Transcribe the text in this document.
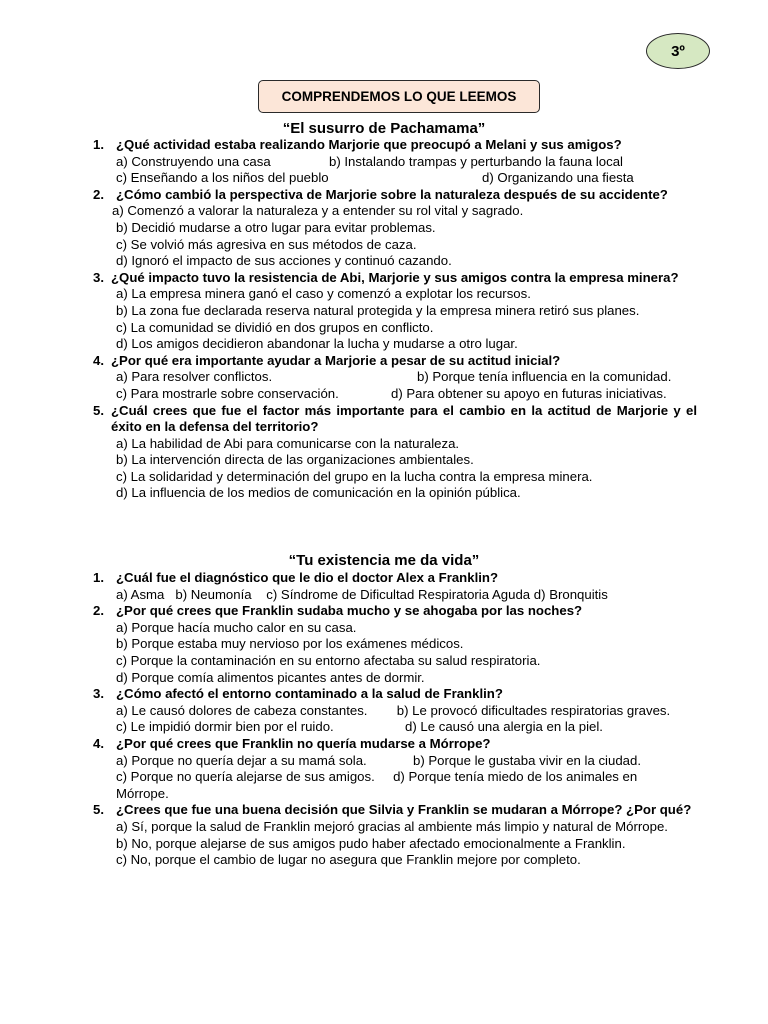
3º
COMPRENDEMOS LO QUE LEEMOS
“El susurro de Pachamama”
1. ¿Qué actividad estaba realizando Marjorie que preocupó a Melani y sus amigos?
a) Construyendo una casa	b) Instalando trampas y perturbando la fauna local
c) Enseñando a los niños del pueblo	d) Organizando una fiesta
2. ¿Cómo cambió la perspectiva de Marjorie sobre la naturaleza después de su accidente?
a) Comenzó a valorar la naturaleza y a entender su rol vital y sagrado.
b) Decidió mudarse a otro lugar para evitar problemas.
c) Se volvió más agresiva en sus métodos de caza.
d) Ignoró el impacto de sus acciones y continuó cazando.
3. ¿Qué impacto tuvo la resistencia de Abi, Marjorie y sus amigos contra la empresa minera?
a) La empresa minera ganó el caso y comenzó a explotar los recursos.
b) La zona fue declarada reserva natural protegida y la empresa minera retiró sus planes.
c) La comunidad se dividió en dos grupos en conflicto.
d) Los amigos decidieron abandonar la lucha y mudarse a otro lugar.
4. ¿Por qué era importante ayudar a Marjorie a pesar de su actitud inicial?
a) Para resolver conflictos.	b) Porque tenía influencia en la comunidad.
c) Para mostrarle sobre conservación.	d) Para obtener su apoyo en futuras iniciativas.
5. ¿Cuál crees que fue el factor más importante para el cambio en la actitud de Marjorie y el éxito en la defensa del territorio?
a) La habilidad de Abi para comunicarse con la naturaleza.
b) La intervención directa de las organizaciones ambientales.
c) La solidaridad y determinación del grupo en la lucha contra la empresa minera.
d) La influencia de los medios de comunicación en la opinión pública.
“Tu existencia me da vida”
1. ¿Cuál fue el diagnóstico que le dio el doctor Alex a Franklin?
a) Asma   b) Neumonía    c) Síndrome de Dificultad Respiratoria Aguda d) Bronquitis
2. ¿Por qué crees que Franklin sudaba mucho y se ahogaba por las noches?
a) Porque hacía mucho calor en su casa.
b) Porque estaba muy nervioso por los exámenes médicos.
c) Porque la contaminación en su entorno afectaba su salud respiratoria.
d) Porque comía alimentos picantes antes de dormir.
3. ¿Cómo afectó el entorno contaminado a la salud de Franklin?
a) Le causó dolores de cabeza constantes.        b) Le provocó dificultades respiratorias graves.
c) Le impidió dormir bien por el ruido.	d) Le causó una alergia en la piel.
4. ¿Por qué crees que Franklin no quería mudarse a Mórrope?
a) Porque no quería dejar a su mamá sola.	b) Porque le gustaba vivir en la ciudad.
c) Porque no quería alejarse de sus amigos.     d) Porque tenía miedo de los animales en Mórrope.
5. ¿Crees que fue una buena decisión que Silvia y Franklin se mudaran a Mórrope? ¿Por qué?
a) Sí, porque la salud de Franklin mejoró gracias al ambiente más limpio y natural de Mórrope.
b) No, porque alejarse de sus amigos pudo haber afectado emocionalmente a Franklin.
c) No, porque el cambio de lugar no asegura que Franklin mejore por completo.
